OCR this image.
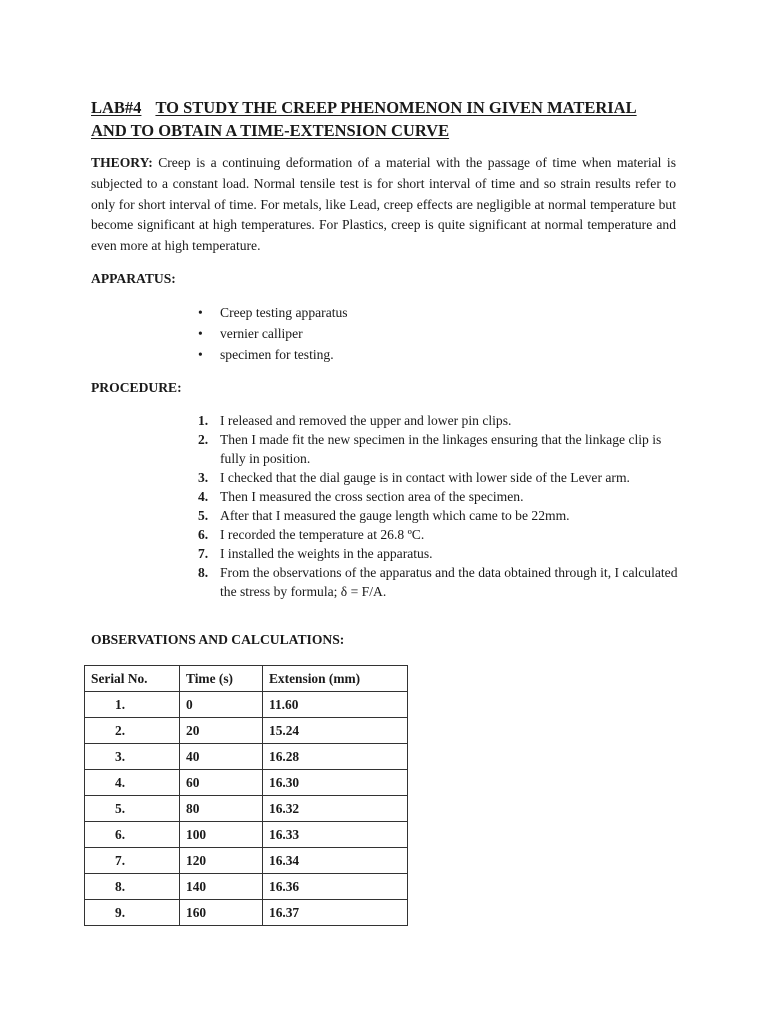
LAB#4 TO STUDY THE CREEP PHENOMENON IN GIVEN MATERIAL
AND TO OBTAIN A TIME-EXTENSION CURVE
THEORY: Creep is a continuing deformation of a material with the passage of time when material is subjected to a constant load. Normal tensile test is for short interval of time and so strain results refer to only for short interval of time. For metals, like Lead, creep effects are negligible at normal temperature but become significant at high temperatures. For Plastics, creep is quite significant at normal temperature and even more at high temperature.
APPARATUS:
• Creep testing apparatus
• vernier calliper
• specimen for testing.
PROCEDURE:
1. I released and removed the upper and lower pin clips.
2. Then I made fit the new specimen in the linkages ensuring that the linkage clip is fully in position.
3. I checked that the dial gauge is in contact with lower side of the Lever arm.
4. Then I measured the cross section area of the specimen.
5. After that I measured the gauge length which came to be 22mm.
6. I recorded the temperature at 26.8 ºC.
7. I installed the weights in the apparatus.
8. From the observations of the apparatus and the data obtained through it, I calculated the stress by formula; δ = F/A.
OBSERVATIONS AND CALCULATIONS:
Serial No.	Time (s)	Extension (mm)
1.	0	11.60
2.	20	15.24
3.	40	16.28
4.	60	16.30
5.	80	16.32
6.	100	16.33
7.	120	16.34
8.	140	16.36
9.	160	16.37
